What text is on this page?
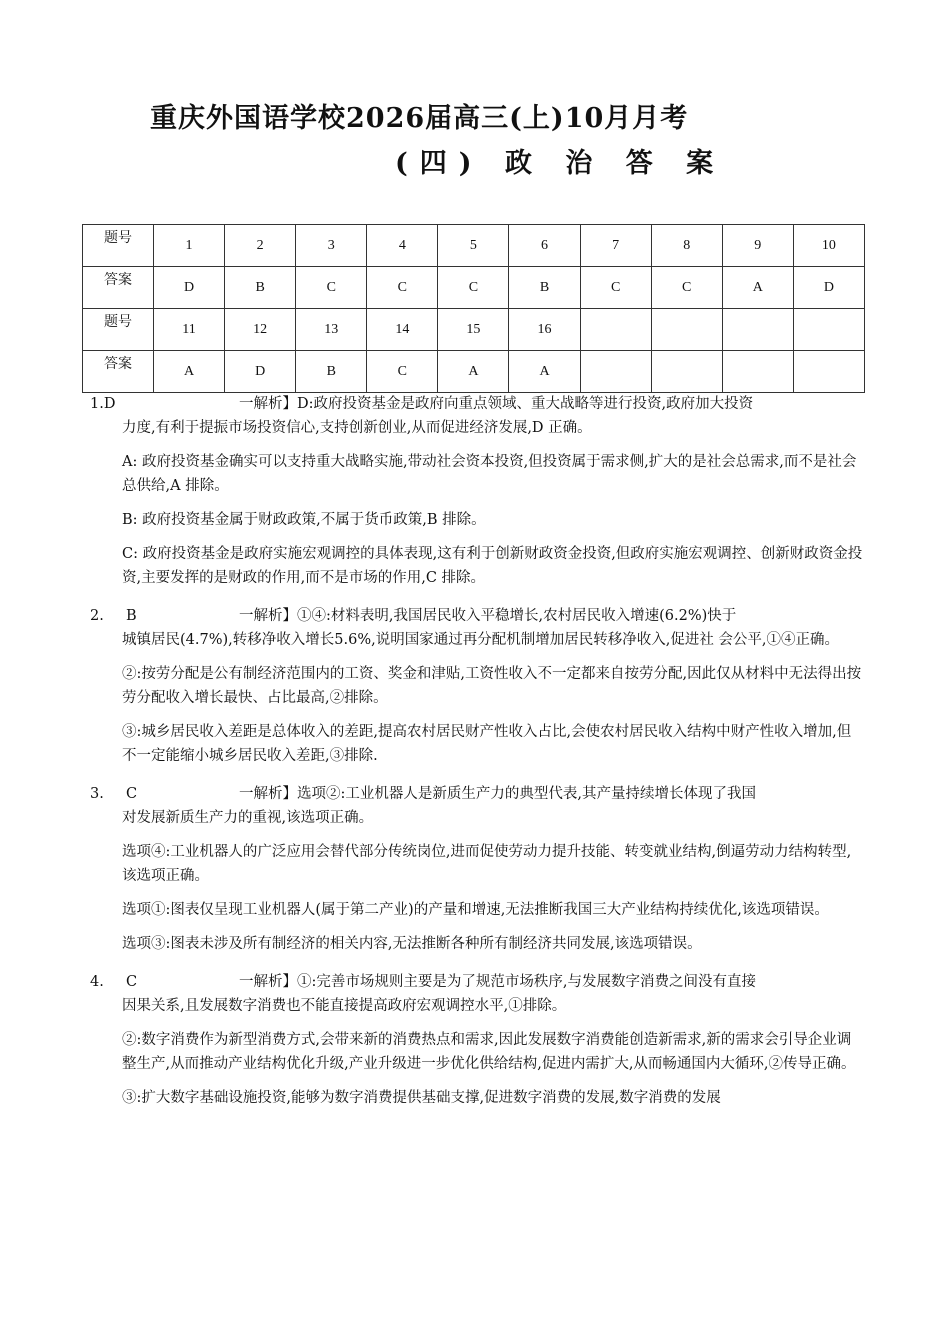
重庆外国语学校2026届高三(上)10月月考
(四) 政 治 答 案
题号	1	2	3	4	5	6	7	8	9	10
答案	D	B	C	C	C	B	C	C	A	D
题号	11	12	13	14	15	16				
答案	A	D	B	C	A	A				
1.D	一解析】D:政府投资基金是政府向重点领域、重大战略等进行投资,政府加大投资
力度,有利于提振市场投资信心,支持创新创业,从而促进经济发展,D 正确。
A: 政府投资基金确实可以支持重大战略实施,带动社会资本投资,但投资属于需求侧,扩大的是社会总需求,而不是社会总供给,A 排除。
B: 政府投资基金属于财政政策,不属于货币政策,B 排除。
C: 政府投资基金是政府实施宏观调控的具体表现,这有利于创新财政资金投资,但政府实施宏观调控、创新财政资金投资,主要发挥的是财政的作用,而不是市场的作用,C 排除。
2. B	一解析】①④:材料表明,我国居民收入平稳增长,农村居民收入增速(6.2%)快于
城镇居民(4.7%),转移净收入增长5.6%,说明国家通过再分配机制增加居民转移净收入,促进社 会公平,①④正确。
②:按劳分配是公有制经济范围内的工资、奖金和津贴,工资性收入不一定都来自按劳分配,因此仅从材料中无法得出按劳分配收入增长最快、占比最高,②排除。
③:城乡居民收入差距是总体收入的差距,提高农村居民财产性收入占比,会使农村居民收入结构中财产性收入增加,但不一定能缩小城乡居民收入差距,③排除.
3. C	一解析】选项②:工业机器人是新质生产力的典型代表,其产量持续增长体现了我国
对发展新质生产力的重视,该选项正确。
选项④:工业机器人的广泛应用会替代部分传统岗位,进而促使劳动力提升技能、转变就业结构,倒逼劳动力结构转型,该选项正确。
选项①:图表仅呈现工业机器人(属于第二产业)的产量和增速,无法推断我国三大产业结构持续优化,该选项错误。
选项③:图表未涉及所有制经济的相关内容,无法推断各种所有制经济共同发展,该选项错误。
4. C	一解析】①:完善市场规则主要是为了规范市场秩序,与发展数字消费之间没有直接
因果关系,且发展数字消费也不能直接提高政府宏观调控水平,①排除。
②:数字消费作为新型消费方式,会带来新的消费热点和需求,因此发展数字消费能创造新需求,新的需求会引导企业调整生产,从而推动产业结构优化升级,产业升级进一步优化供给结构,促进内需扩大,从而畅通国内大循环,②传导正确。
③:扩大数字基础设施投资,能够为数字消费提供基础支撑,促进数字消费的发展,数字消费的发展
